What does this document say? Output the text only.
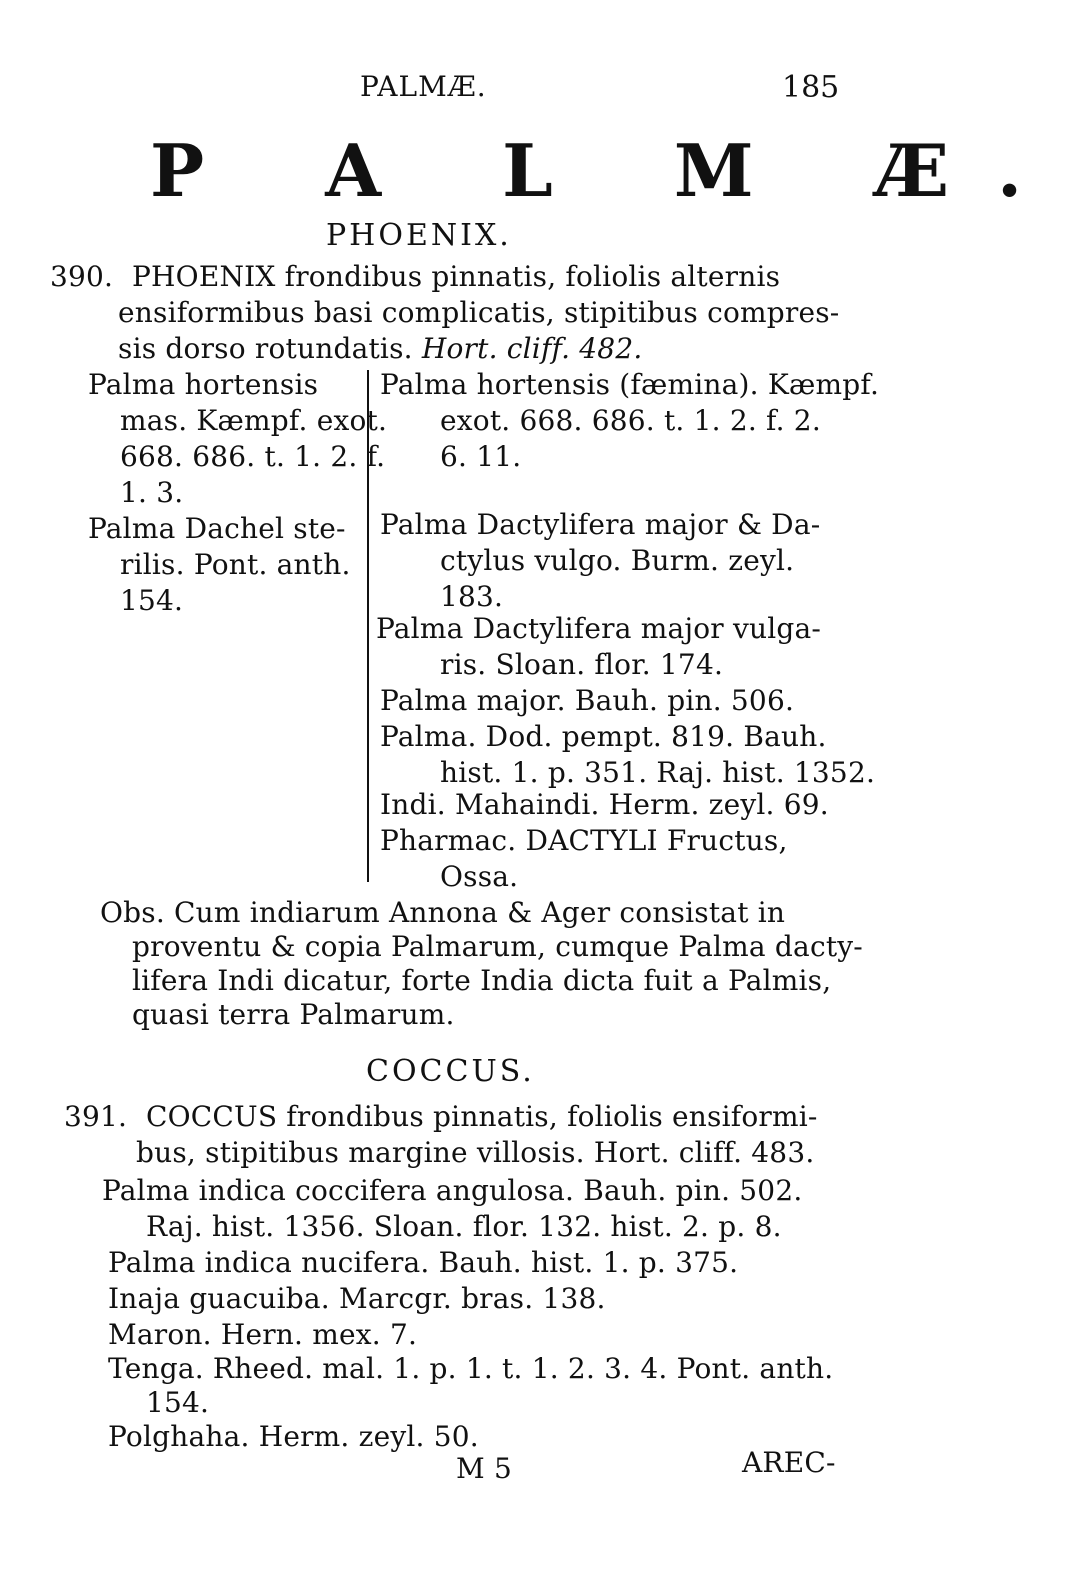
PALMÆ.	185
P A L M Æ.
PHOENIX.
390. PHOENIX frondibus pinnatis, foliolis alternis
ensiformibus basi complicatis, stipitibus compres-
sis dorso rotundatis. Hort. cliff. 482.
Palma hortensis
mas. Kæmpf. exot.
668. 686. t. 1. 2. f.
1. 3.
Palma Dachel ste-
rilis. Pont. anth.
154.
Palma hortensis (fæmina). Kæmpf.
exot. 668. 686. t. 1. 2. f. 2.
6. 11.
Palma Dactylifera major & Da-
ctylus vulgo. Burm. zeyl.
183.
Palma Dactylifera major vulga-
ris. Sloan. flor. 174.
Palma major. Bauh. pin. 506.
Palma. Dod. pempt. 819. Bauh.
hist. 1. p. 351. Raj. hist. 1352.
Indi. Mahaindi. Herm. zeyl. 69.
Pharmac. DACTYLI Fructus,
Ossa.
Obs. Cum indiarum Annona & Ager consistat in
proventu & copia Palmarum, cumque Palma dacty-
lifera Indi dicatur, forte India dicta fuit a Palmis,
quasi terra Palmarum.
COCCUS.
391. COCCUS frondibus pinnatis, foliolis ensiformi-
bus, stipitibus margine villosis. Hort. cliff. 483.
Palma indica coccifera angulosa. Bauh. pin. 502.
Raj. hist. 1356. Sloan. flor. 132. hist. 2. p. 8.
Palma indica nucifera. Bauh. hist. 1. p. 375.
Inaja guacuiba. Marcgr. bras. 138.
Maron. Hern. mex. 7.
Tenga. Rheed. mal. 1. p. 1. t. 1. 2. 3. 4. Pont. anth.
154.
Polghaha. Herm. zeyl. 50.
M 5	AREC-
